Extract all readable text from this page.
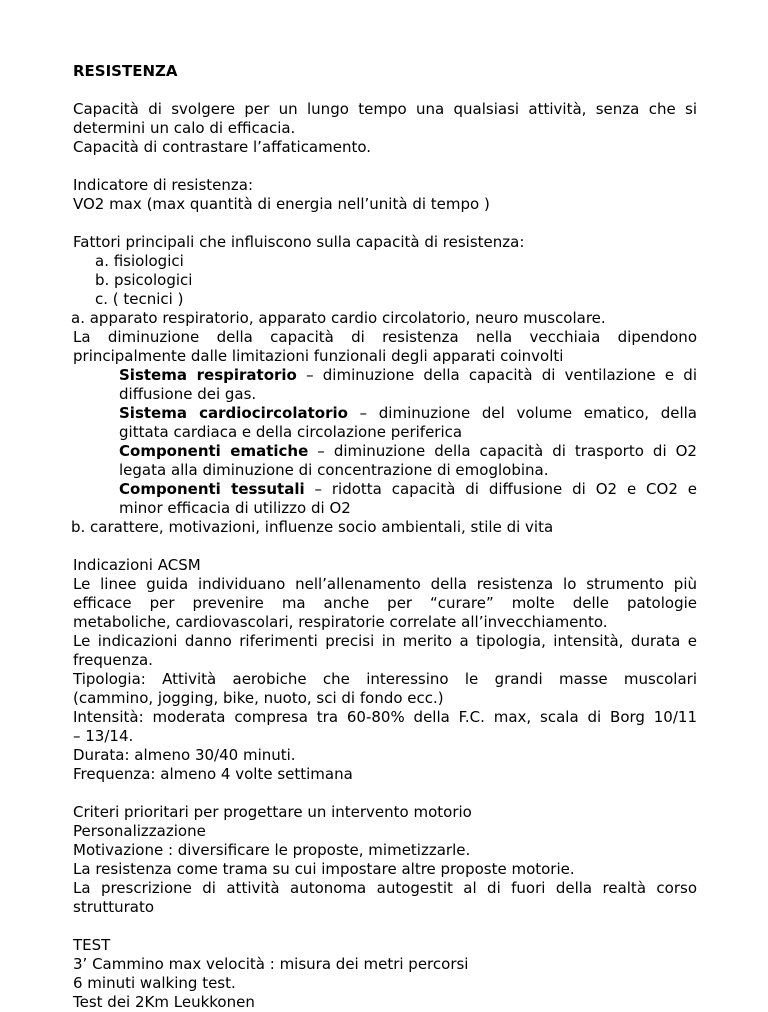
RESISTENZA
Capacità di svolgere per un lungo tempo una qualsiasi attività, senza che si
determini un calo di efficacia.
Capacità di contrastare l’affaticamento.
Indicatore di resistenza:
VO2 max (max quantità di energia nell’unità di tempo )
Fattori principali che influiscono sulla capacità di resistenza:
a. fisiologici
b. psicologici
c. ( tecnici )
a. apparato respiratorio, apparato cardio circolatorio, neuro muscolare.
La diminuzione della capacità di resistenza nella vecchiaia dipendono
principalmente dalle limitazioni funzionali degli apparati coinvolti
Sistema respiratorio – diminuzione della capacità di ventilazione e di
diffusione dei gas.
Sistema cardiocircolatorio – diminuzione del volume ematico, della
gittata cardiaca e della circolazione periferica
Componenti ematiche – diminuzione della capacità di trasporto di O2
legata alla diminuzione di concentrazione di emoglobina.
Componenti tessutali – ridotta capacità di diffusione di O2 e CO2 e
minor efficacia di utilizzo di O2
b. carattere, motivazioni, influenze socio ambientali, stile di vita
Indicazioni ACSM
Le linee guida individuano nell’allenamento della resistenza lo strumento più
efficace per prevenire ma anche per “curare” molte delle patologie
metaboliche, cardiovascolari, respiratorie correlate all’invecchiamento.
Le indicazioni danno riferimenti precisi in merito a tipologia, intensità, durata e
frequenza.
Tipologia: Attività aerobiche che interessino le grandi masse muscolari
(cammino, jogging, bike, nuoto, sci di fondo ecc.)
Intensità: moderata compresa tra 60-80% della F.C. max, scala di Borg 10/11
– 13/14.
Durata: almeno 30/40 minuti.
Frequenza: almeno 4 volte settimana
Criteri prioritari per progettare un intervento motorio
Personalizzazione
Motivazione : diversificare le proposte, mimetizzarle.
La resistenza come trama su cui impostare altre proposte motorie.
La prescrizione di attività autonoma autogestit al di fuori della realtà corso
strutturato
TEST
3’ Cammino max velocità : misura dei metri percorsi
6 minuti walking test.
Test dei 2Km Leukkonen
